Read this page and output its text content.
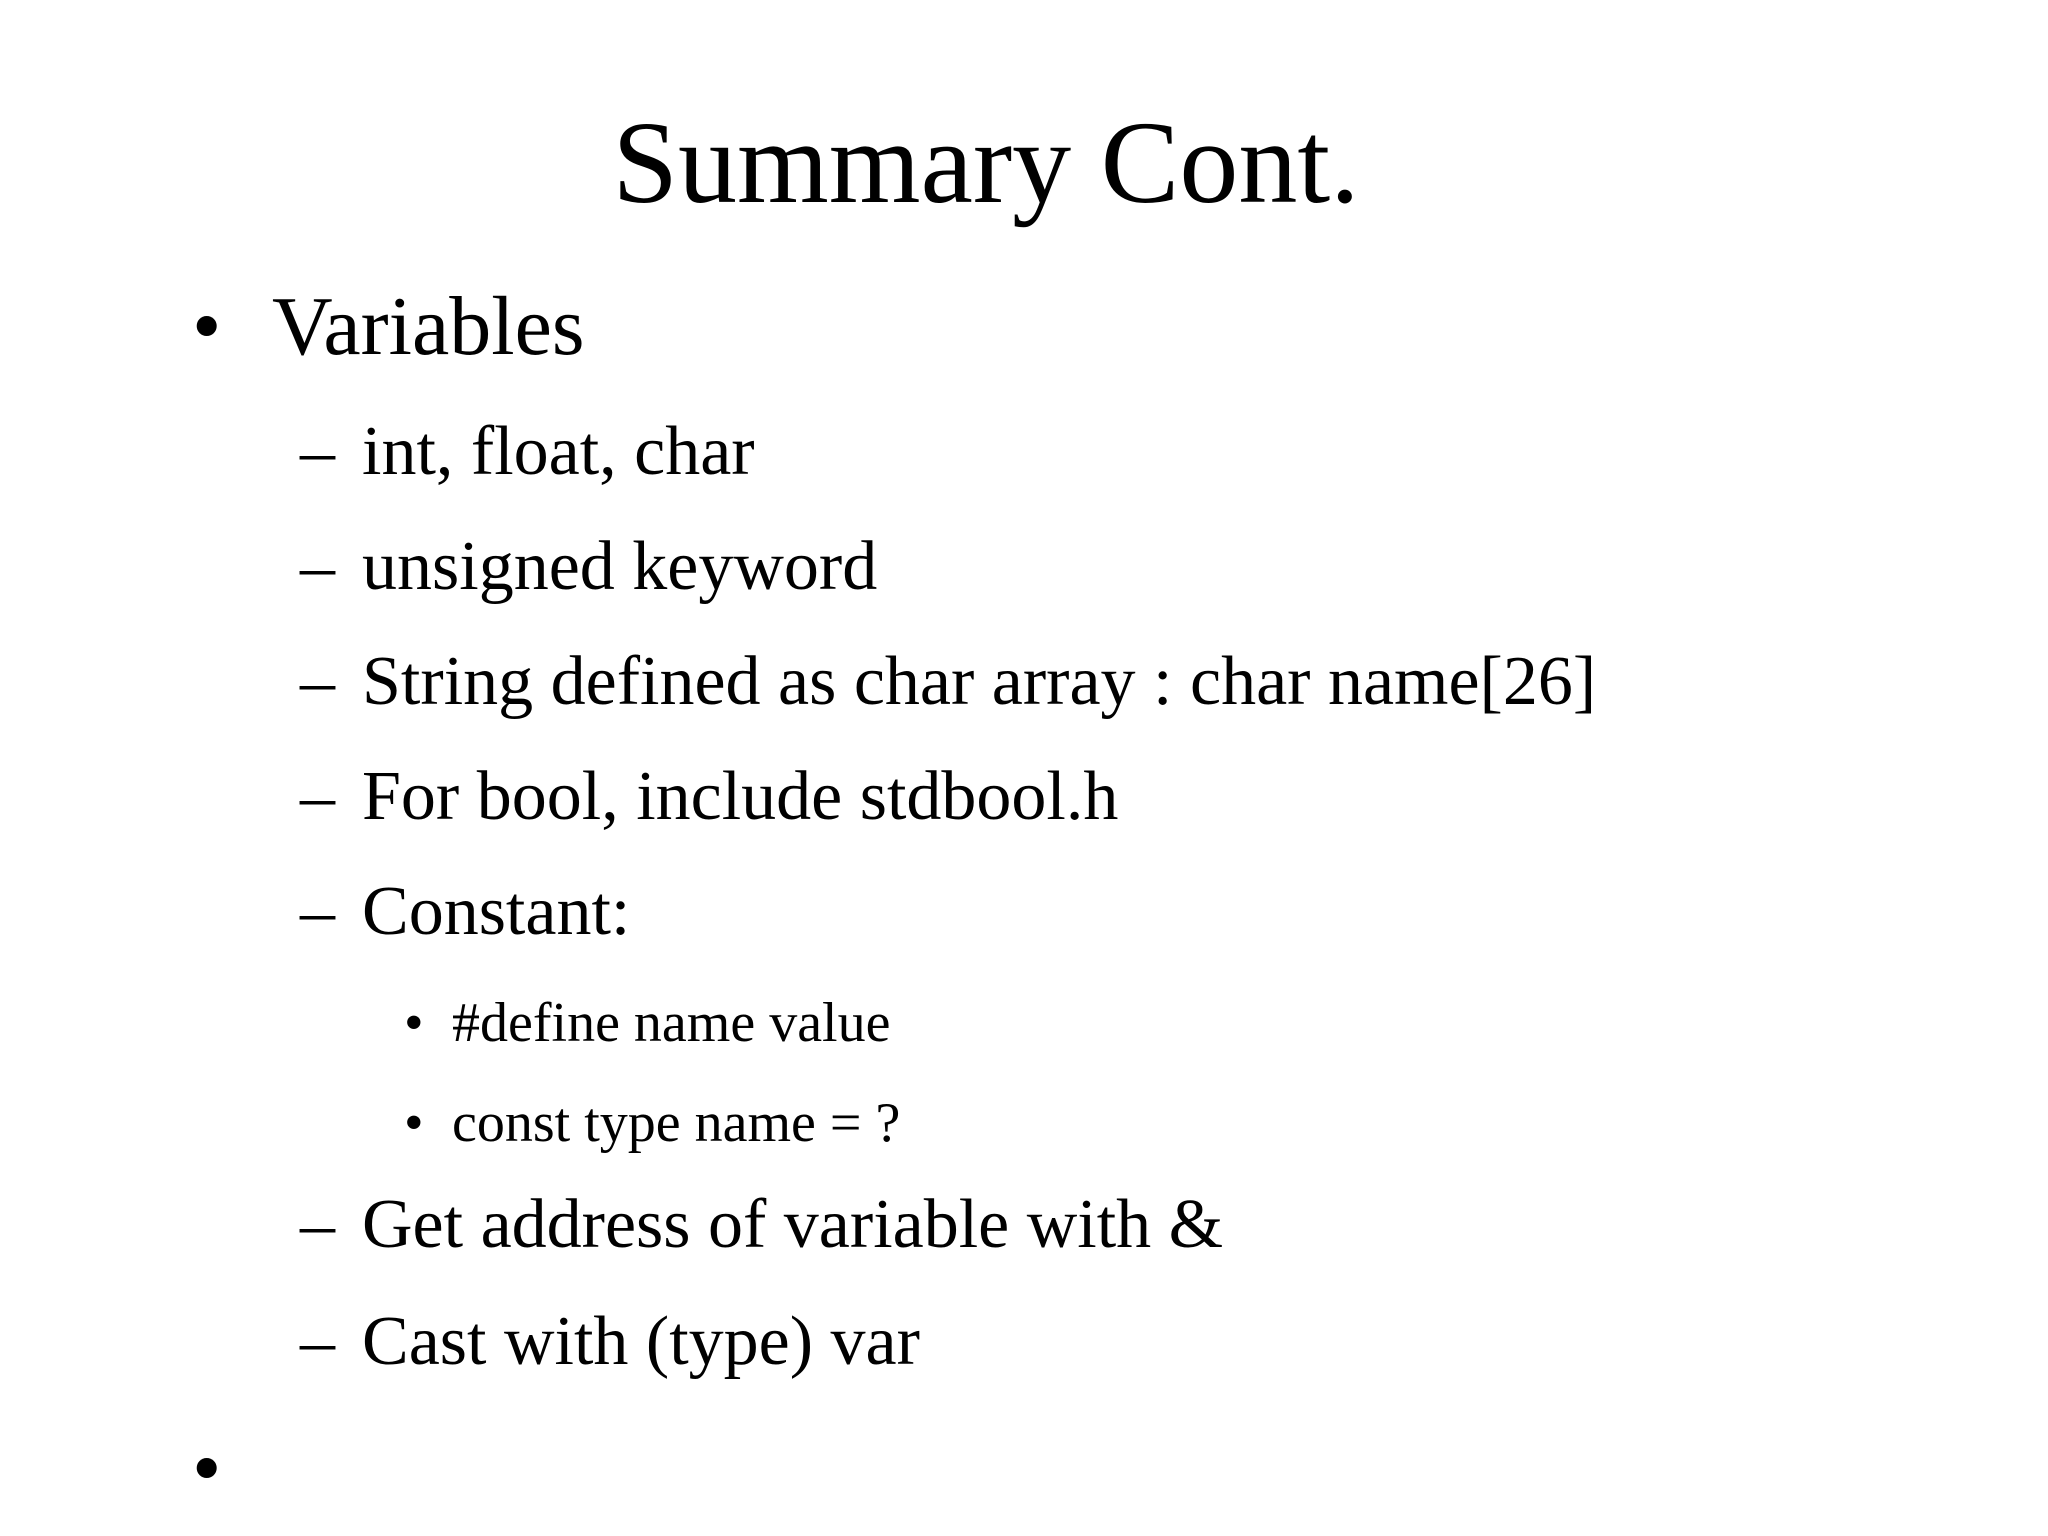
Summary Cont.
• Variables
– int, float, char
– unsigned keyword
– String defined as char array : char name[26]
– For bool, include stdbool.h
– Constant:
• #define name value
• const type name = ?
– Get address of variable with &
– Cast with (type) var
•
